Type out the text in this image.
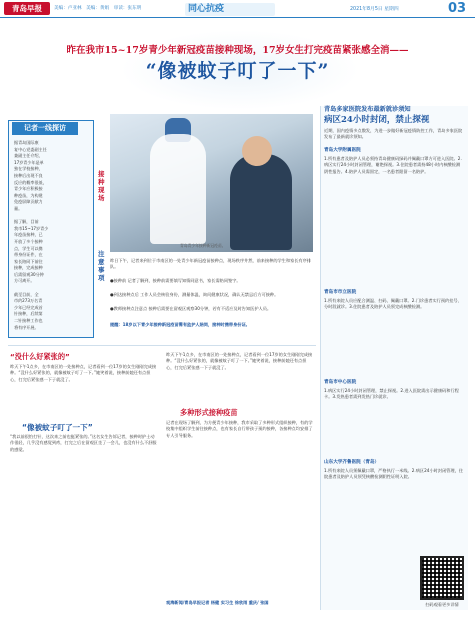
青岛早报	美编：卢亚林　美编：黄娟　审读：张东明	同心抗疫	2021年8月5日 星期四	03
昨在我市15~17岁青少年新冠疫苗接种现场，17岁女生打完疫苗紧张感全消——
“像被蚊子叮了一下”
记者一线探访
据青岛国际康
复中心党委副主任
兼副主任介绍，
17岁青少年是单
独在学校接种，
接种后出现不良
反应的概率很低，
青少年应积极接
种疫苗，为构建
免疫屏障贡献力
量。

据了解，目前
我市15~17岁青少
年疫苗接种，已
开放了多个接种
点，学生可以携
带身份证件，在
家长陪同下前往
接种，完成接种
后需留观30分钟
方可离开。

截至目前，全
市约273万名青
少年已经完成首
针接种，后续第
二针接种工作也
将有序开展。
青岛青少年接种新冠疫苗。
接种现场
注意事项
昨日下午，记者来到位于市南区的一处青少年新冠疫苗接种点，现场秩序井然，前来接种的学生和家长有序排队。
●接种前 记者了解到，接种前需要填写知情同意书，家长需陪同签字。
●到达接种点后 工作人员会核验身份，测量体温，询问健康状况，确认无禁忌后方可接种。
●教师接种点注意点 接种后需要在留观区观察30分钟，若有不适应及时告知医护人员。
提醒：18岁以下青少年接种新冠疫苗需有监护人陪同，接种时携带身份证。
“没什么好紧张的”
昨天下午1点多，在市南区的一处接种点，记者看到一位17岁的女生刚刚完成接种。“没什么好紧张的，就像被蚊子叮了一下。”她笑着说，接种前她还有点担心，打完后紧张感一下子就没了。
“像被蚊子叮了一下”
“我以前很怕打针，这次来之前也挺紧张的。”这名女生告诉记者，接种时护士动作很轻，几乎没有感觉到疼，打完之后在留观区坐了一会儿，也没有什么不舒服的感觉。
昨天下午1点多，在市南区的一处接种点，记者看到一位17岁的女生刚刚完成接种。“没什么好紧张的，就像被蚊子叮了一下。”她笑着说，接种前她还有点担心，打完后紧张感一下子就没了。
多种形式接种疫苗
记者在现场了解到，为方便青少年接种，我市采取了多种形式组织接种，有的学校集中组织学生前往接种点，也有家长自行带孩子预约接种，各接种点均安排了专人引导服务。
观海新闻/青岛早报记者 杨健 实习生 徐欣雨 重庆/ 张国
青岛多家医院发布最新就诊须知
病区24小时封闭，禁止探视
近期，国内疫情多点散发，为进一步做好新冠疫情防控工作，青岛多家医院发布了最新就诊须知。
青岛大学附属医院
1.所有患者及陪护人员必须持青岛健康码绿码并佩戴口罩方可进入医院。2.病区实行24小时封闭管理，谢绝探视。3.住院患者需持48小时内核酸检测阴性报告。4.陪护人员需固定，一名患者限留一名陪护。
青岛市市立医院
1.所有来院人员应配合测温、扫码、佩戴口罩。2.门诊患者实行预约挂号、分时段就诊。3.住院患者及陪护人员须完成核酸检测。
青岛市中心医院
1.病区实行24小时封闭管理，禁止探视。2.进入医院需出示健康码和行程卡。3.发热患者需到发热门诊就诊。
山东大学齐鲁医院（青岛）
1.所有来院人员须佩戴口罩，严格执行一米线。2.病区24小时封闭管理，住院患者及陪护人员须凭核酸检测阴性证明入院。
扫码观看更多详情
